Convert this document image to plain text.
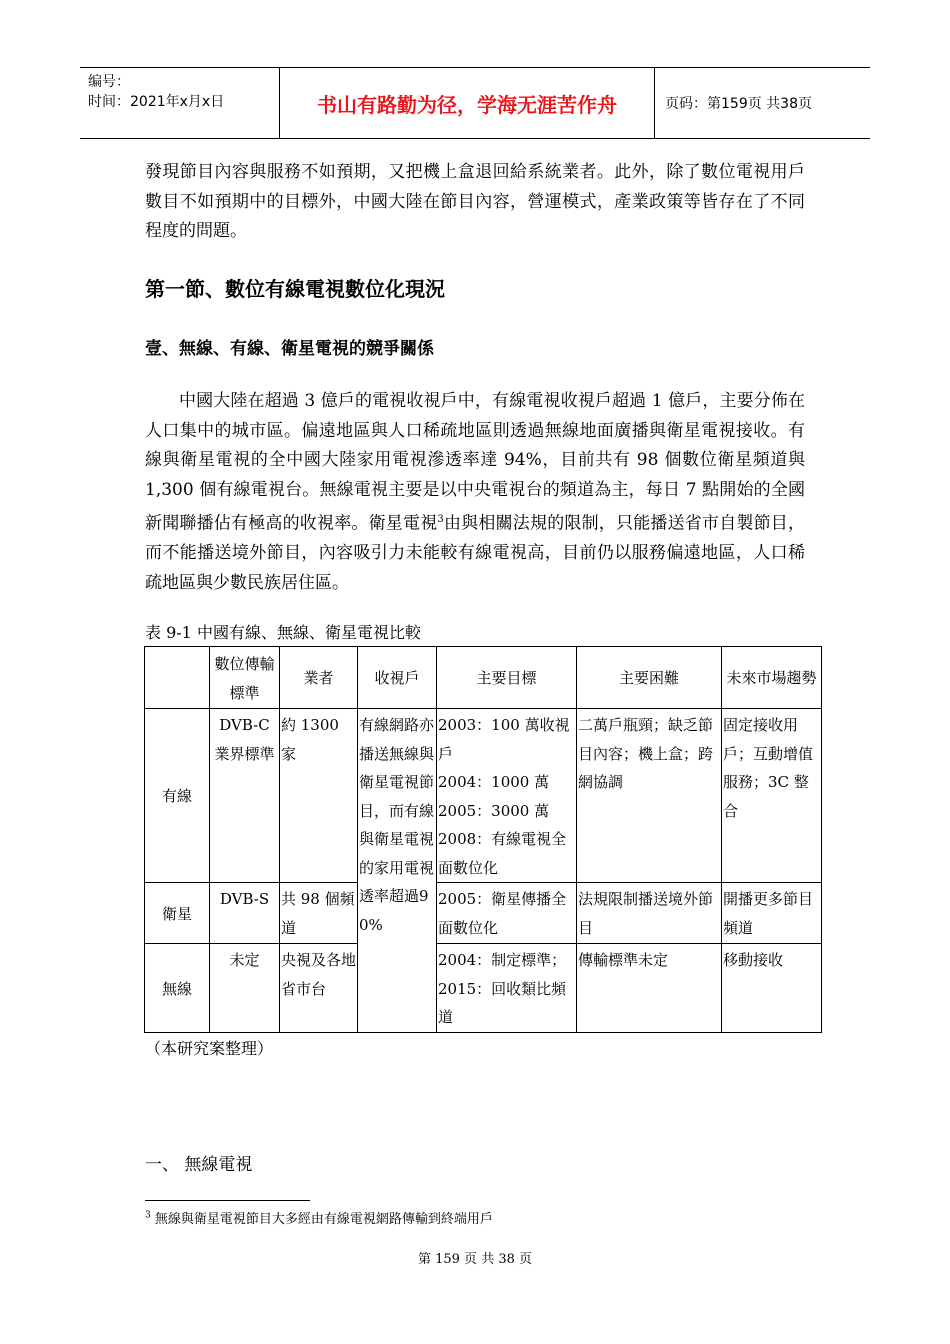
编号：
时间：2021年x月x日	书山有路勤为径，学海无涯苦作舟	页码：第159页 共38页

發現節目內容與服務不如預期，又把機上盒退回給系統業者。此外，除了數位電視用戶數目不如預期中的目標外，中國大陸在節目內容，營運模式，產業政策等皆存在了不同程度的問題。

第一節、數位有線電視數位化現況
壹、無線、有線、衛星電視的競爭關係

中國大陸在超過 3 億戶的電視收視戶中，有線電視收視戶超過 1 億戶，主要分佈在人口集中的城市區。偏遠地區與人口稀疏地區則透過無線地面廣播與衛星電視接收。有線與衛星電視的全中國大陸家用電視滲透率達 94%，目前共有 98 個數位衛星頻道與 1,300 個有線電視台。無線電視主要是以中央電視台的頻道為主，每日 7 點開始的全國新聞聯播佔有極高的收視率。衛星電視$^3$由與相關法規的限制，只能播送省市自製節目，而不能播送境外節目，內容吸引力未能較有線電視高，目前仍以服務偏遠地區，人口稀疏地區與少數民族居住區。

表 9-1 中國有線、無線、衛星電視比較
	數位傳輸標準	業者	收視戶	主要目標	主要困難	未來市場趨勢
有線	DVB-C 業界標準	約 1300 家	有線網路亦播送無線與衛星電視節目，而有線與衛星電視的家用電視透率超過90%	2003：100 萬收視戶
2004：1000 萬
2005：3000 萬
2008：有線電視全面數位化	二萬戶瓶頸；缺乏節目內容；機上盒；跨網協調	固定接收用戶；互動增值服務；3C 整合
衛星	DVB-S	共 98 個頻道		2005：衛星傳播全面數位化	法規限制播送境外節目	開播更多節目頻道
無線	未定	央視及各地省市台		2004：制定標準；2015：回收類比頻道	傳輸標準未定	移動接收
（本研究案整理）
一、 無線電視
$^3$ 無線與衛星電視節目大多經由有線電視網路傳輸到終端用戶
第 159 页 共 38 页
